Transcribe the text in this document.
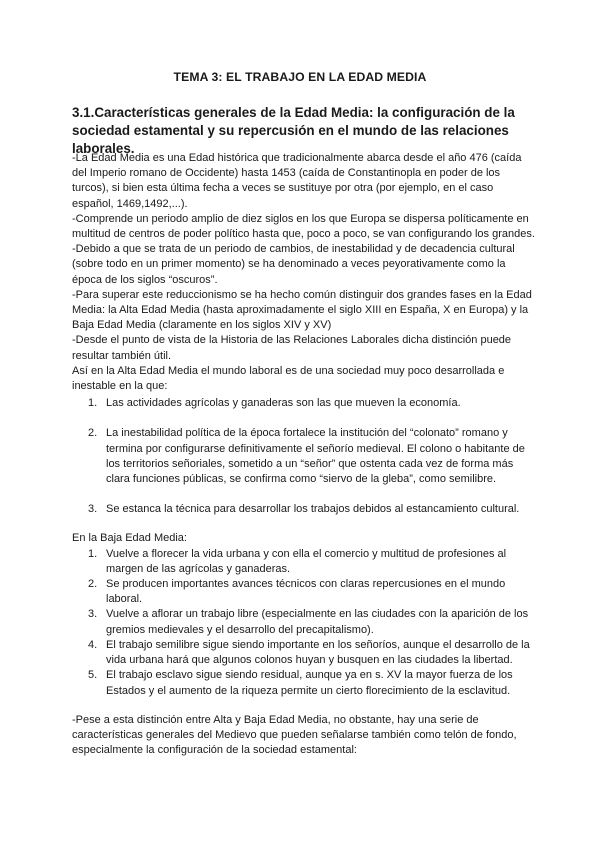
TEMA 3: EL TRABAJO EN LA EDAD MEDIA
3.1.Características generales de la Edad Media: la configuración de la sociedad estamental y su repercusión en el mundo de las relaciones laborales.

-La Edad Media es una Edad histórica que tradicionalmente abarca desde el año 476 (caída del Imperio romano de Occidente) hasta 1453 (caída de Constantinopla en poder de los turcos), si bien esta última fecha a veces se sustituye por otra (por ejemplo, en el caso español, 1469,1492,...).

-Comprende un periodo amplio de diez siglos en los que Europa se dispersa políticamente en multitud de centros de poder político hasta que, poco a poco, se van configurando los grandes.

-Debido a que se trata de un periodo de cambios, de inestabilidad y de decadencia cultural (sobre todo en un primer momento) se ha denominado a veces peyorativamente como la época de los siglos “oscuros”.

-Para superar este reduccionismo se ha hecho común distinguir dos grandes fases en la Edad Media: la Alta Edad Media (hasta aproximadamente el siglo XIII en España, X en Europa) y la Baja Edad Media (claramente en los siglos XIV y XV)

-Desde el punto de vista de la Historia de las Relaciones Laborales dicha distinción puede resultar también útil.

Así en la Alta Edad Media el mundo laboral es de una sociedad muy poco desarrollada e inestable en la que:

1. Las actividades agrícolas y ganaderas son las que mueven la economía.
2. La inestabilidad política de la época fortalece la institución del “colonato” romano y termina por configurarse definitivamente el señorío medieval. El colono o habitante de los territorios señoriales, sometido a un “señor” que ostenta cada vez de forma más clara funciones públicas, se confirma como “siervo de la gleba”, como semilibre.
3. Se estanca la técnica para desarrollar los trabajos debidos al estancamiento cultural.

En la Baja Edad Media:

1. Vuelve a florecer la vida urbana y con ella el comercio y multitud de profesiones al margen de las agrícolas y ganaderas.
2. Se producen importantes avances técnicos con claras repercusiones en el mundo laboral.
3. Vuelve a aflorar un trabajo libre (especialmente en las ciudades con la aparición de los gremios medievales y el desarrollo del precapitalismo).
4. El trabajo semilibre sigue siendo importante en los señoríos, aunque el desarrollo de la vida urbana hará que algunos colonos huyan y busquen en las ciudades la libertad.
5. El trabajo esclavo sigue siendo residual, aunque ya en s. XV la mayor fuerza de los Estados y el aumento de la riqueza permite un cierto florecimiento de la esclavitud.

-Pese a esta distinción entre Alta y Baja Edad Media, no obstante, hay una serie de características generales del Medievo que pueden señalarse también como telón de fondo, especialmente la configuración de la sociedad estamental:
